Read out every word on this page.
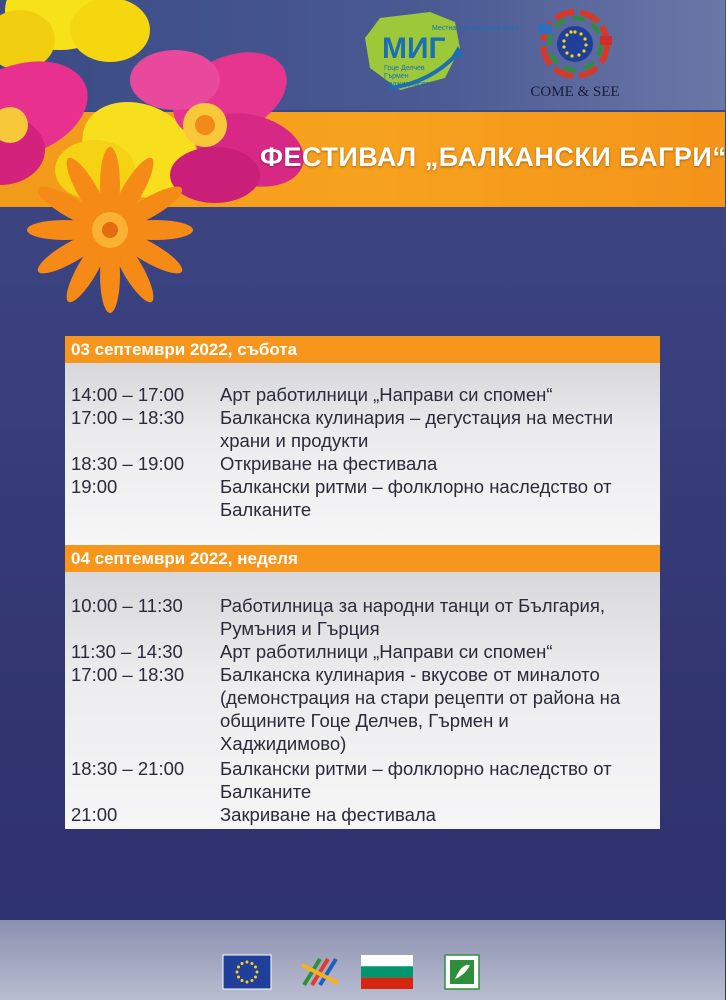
МИГ
Местна инициативна група
Гоце Делчев
Гърмен
Хаджидимово	COME & SEE
ФЕСТИВАЛ „БАЛКАНСКИ БАГРИ“
03 септември 2022, събота
14:00 – 17:00	Арт работилници „Направи си спомен“
17:00 – 18:30	Балканска кулинария – дегустация на местни
храни и продукти
18:30 – 19:00	Откриване на фестивала
19:00	Балкански ритми – фолклорно наследство от
Балканите
04 септември 2022, неделя
10:00 – 11:30	Работилница за народни танци от България,
Румъния и Гърция
11:30 – 14:30	Арт работилници „Направи си спомен“
17:00 – 18:30	Балканска кулинария - вкусове от миналото
(демонстрация на стари рецепти от района на
общините Гоце Делчев, Гърмен и
Хаджидимово)
18:30 – 21:00	Балкански ритми – фолклорно наследство от
Балканите
21:00	Закриване на фестивала
